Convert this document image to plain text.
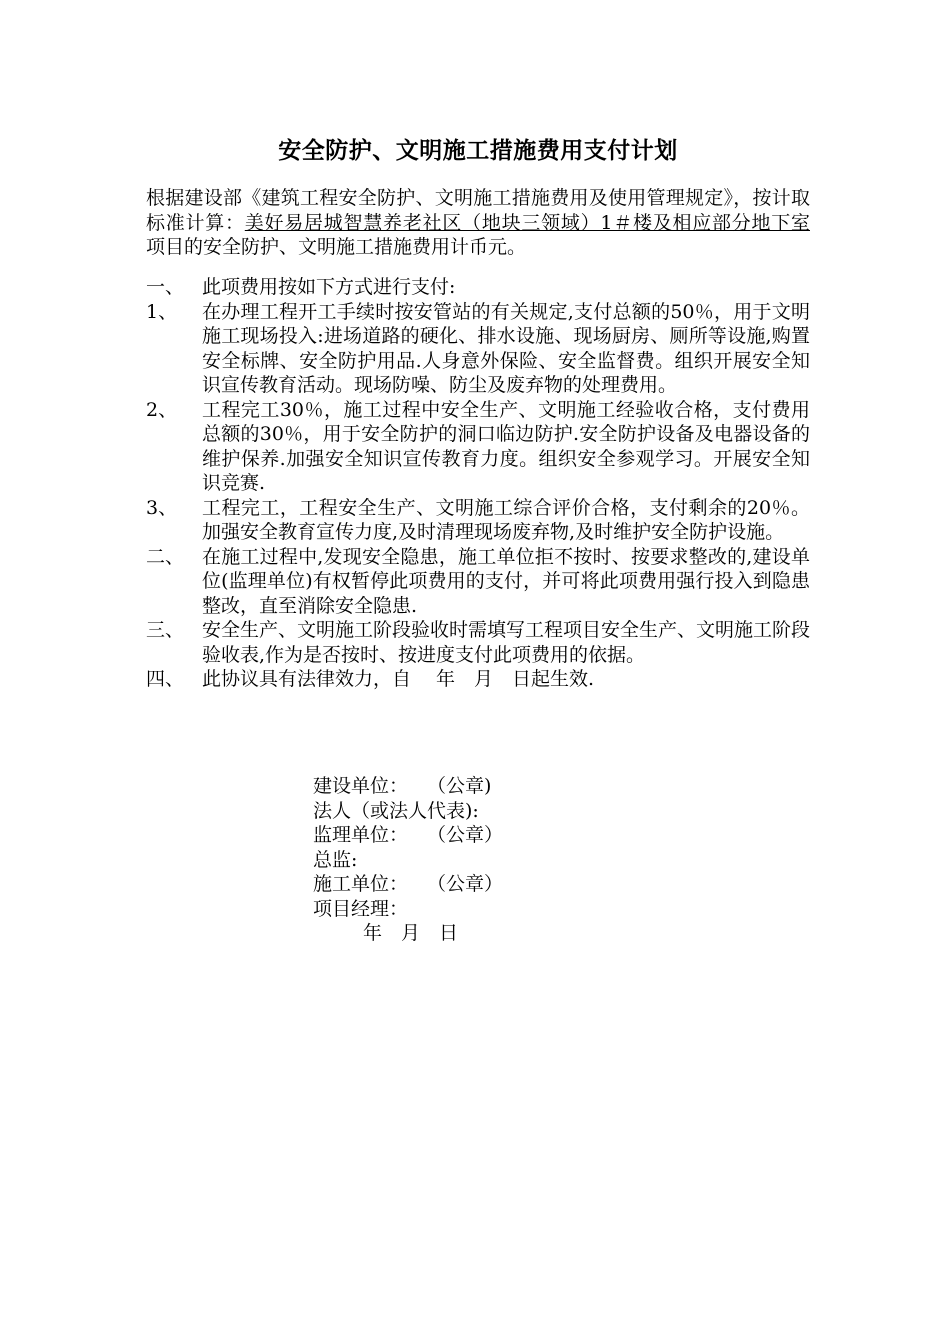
安全防护、文明施工措施费用支付计划
根据建设部《建筑工程安全防护、文明施工措施费用及使用管理规定》，按计取标准计算：美好易居城智慧养老社区（地块三领域）1＃楼及相应部分地下室 项目的安全防护、文明施工措施费用计币元。
一、 此项费用按如下方式进行支付:
1、	在办理工程开工手续时按安管站的有关规定,支付总额的50％，用于文明施工现场投入:进场道路的硬化、排水设施、现场厨房、厕所等设施,购置安全标牌、安全防护用品.人身意外保险、安全监督费。组织开展安全知识宣传教育活动。现场防噪、防尘及废弃物的处理费用。
2、	工程完工30％，施工过程中安全生产、文明施工经验收合格，支付费用总额的30％，用于安全防护的洞口临边防护.安全防护设备及电器设备的维护保养.加强安全知识宣传教育力度。组织安全参观学习。开展安全知识竞赛.
3、	工程完工，工程安全生产、文明施工综合评价合格，支付剩余的20％。加强安全教育宣传力度,及时清理现场废弃物,及时维护安全防护设施。
二、 在施工过程中,发现安全隐患，施工单位拒不按时、按要求整改的,建设单位(监理单位)有权暂停此项费用的支付，并可将此项费用强行投入到隐患整改，直至消除安全隐患.
三、 安全生产、文明施工阶段验收时需填写工程项目安全生产、文明施工阶段验收表,作为是否按时、按进度支付此项费用的依据。
四、 此协议具有法律效力，自　 年　月　日起生效.
建设单位：　　（公章)
法人（或法人代表):
监理单位：　　（公章）
总监:
施工单位：　　（公章）
项目经理：
年　月　日
